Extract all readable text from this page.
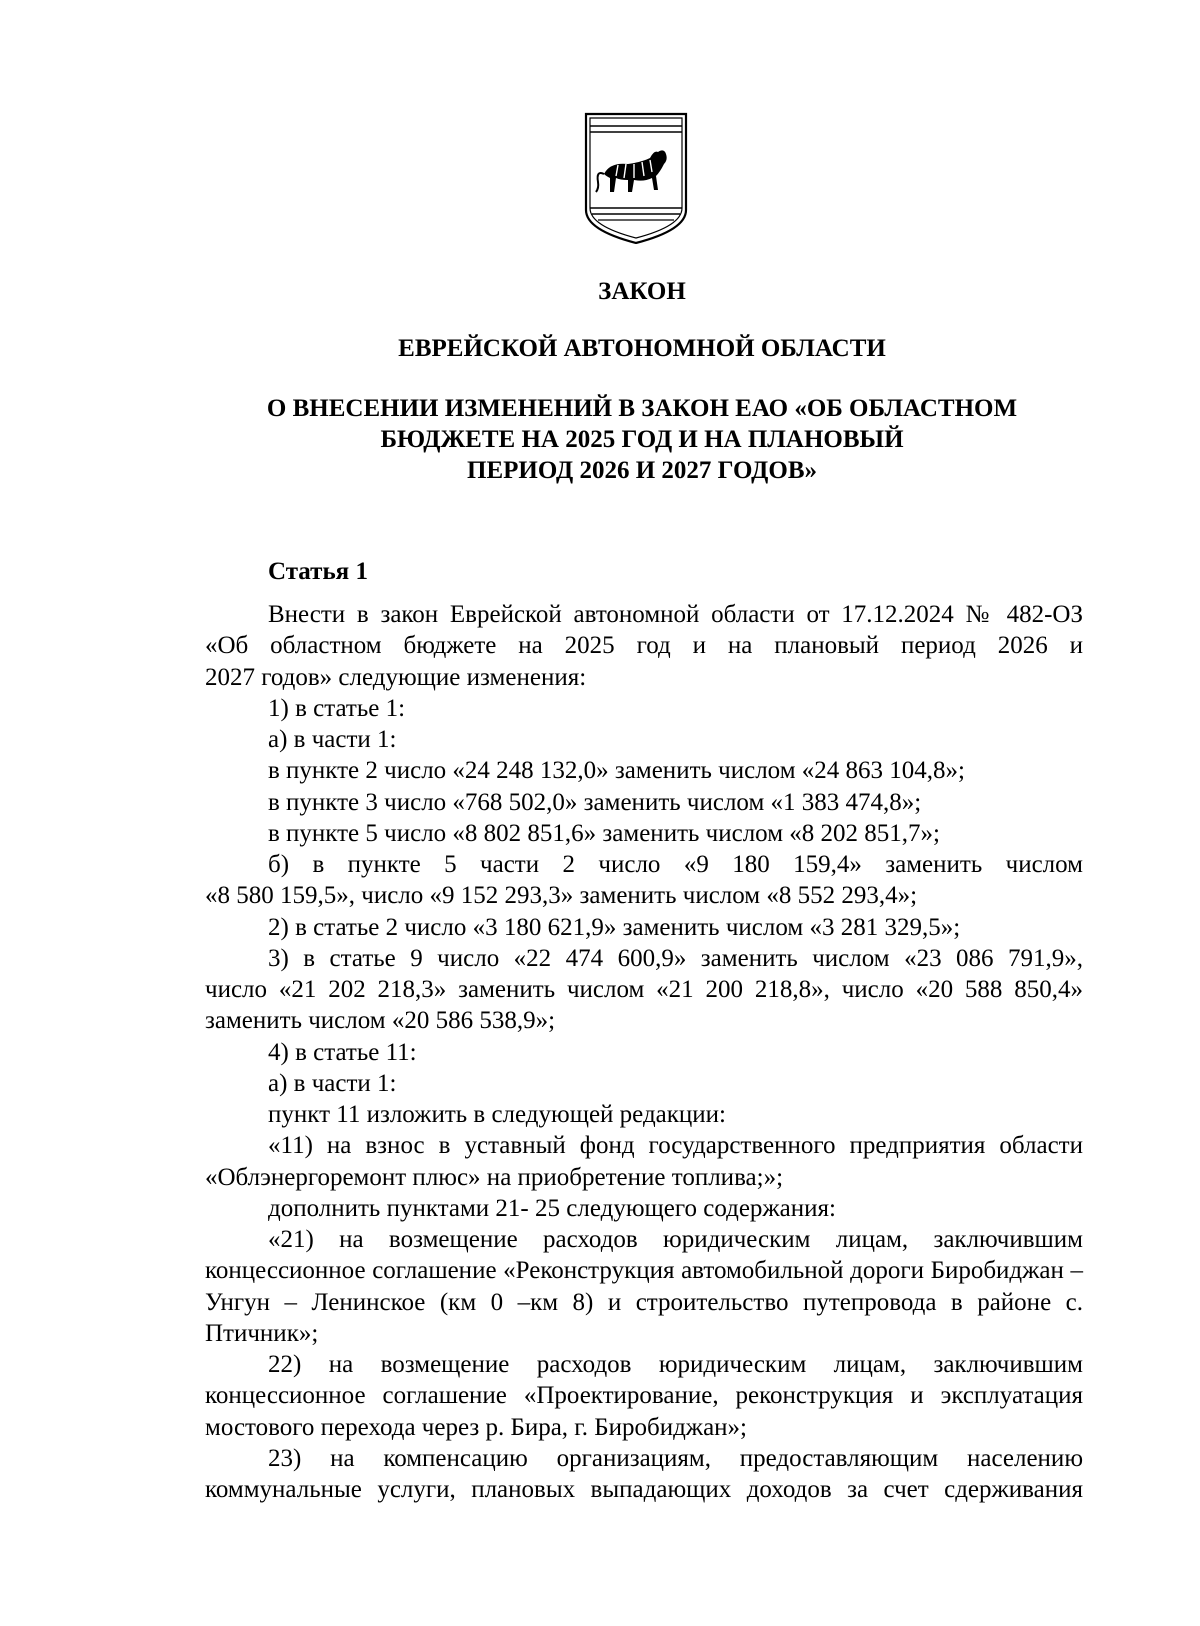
ЗАКОН
ЕВРЕЙСКОЙ АВТОНОМНОЙ ОБЛАСТИ
О ВНЕСЕНИИ ИЗМЕНЕНИЙ В ЗАКОН ЕАО «ОБ ОБЛАСТНОМ
БЮДЖЕТЕ НА 2025 ГОД И НА ПЛАНОВЫЙ
ПЕРИОД 2026 И 2027 ГОДОВ»
Статья 1

Внести в закон Еврейской автономной области от 17.12.2024 № 482-ОЗ

«Об областном бюджете на 2025 год и на плановый период 2026 и

2027 годов» следующие изменения:

1) в статье 1:

а) в части 1:

в пункте 2 число «24 248 132,0» заменить числом «24 863 104,8»;

в пункте 3 число «768 502,0» заменить числом «1 383 474,8»;

в пункте 5 число «8 802 851,6» заменить числом «8 202 851,7»;

б) в пункте 5 части 2 число «9 180 159,4» заменить числом

«8 580 159,5», число «9 152 293,3» заменить числом «8 552 293,4»;

2) в статье 2 число «3 180 621,9» заменить числом «3 281 329,5»;

3) в статье 9 число «22 474 600,9» заменить числом «23 086 791,9»,

число «21 202 218,3» заменить числом «21 200 218,8», число «20 588 850,4»

заменить числом «20 586 538,9»;

4) в статье 11:

а) в части 1:

пункт 11 изложить в следующей редакции:

«11) на взнос в уставный фонд государственного предприятия области

«Облэнергоремонт плюс» на приобретение топлива;»;

дополнить пунктами 21- 25 следующего содержания:

«21) на возмещение расходов юридическим лицам, заключившим концессионное соглашение «Реконструкция автомобильной дороги Биробиджан – Унгун – Ленинское (км 0 –км 8) и строительство путепровода в районе с. Птичник»;

22) на возмещение расходов юридическим лицам, заключившим концессионное соглашение «Проектирование, реконструкция и эксплуатация мостового перехода через р. Бира, г. Биробиджан»;

23) на компенсацию организациям, предоставляющим населению коммунальные услуги, плановых выпадающих доходов за счет сдерживания
